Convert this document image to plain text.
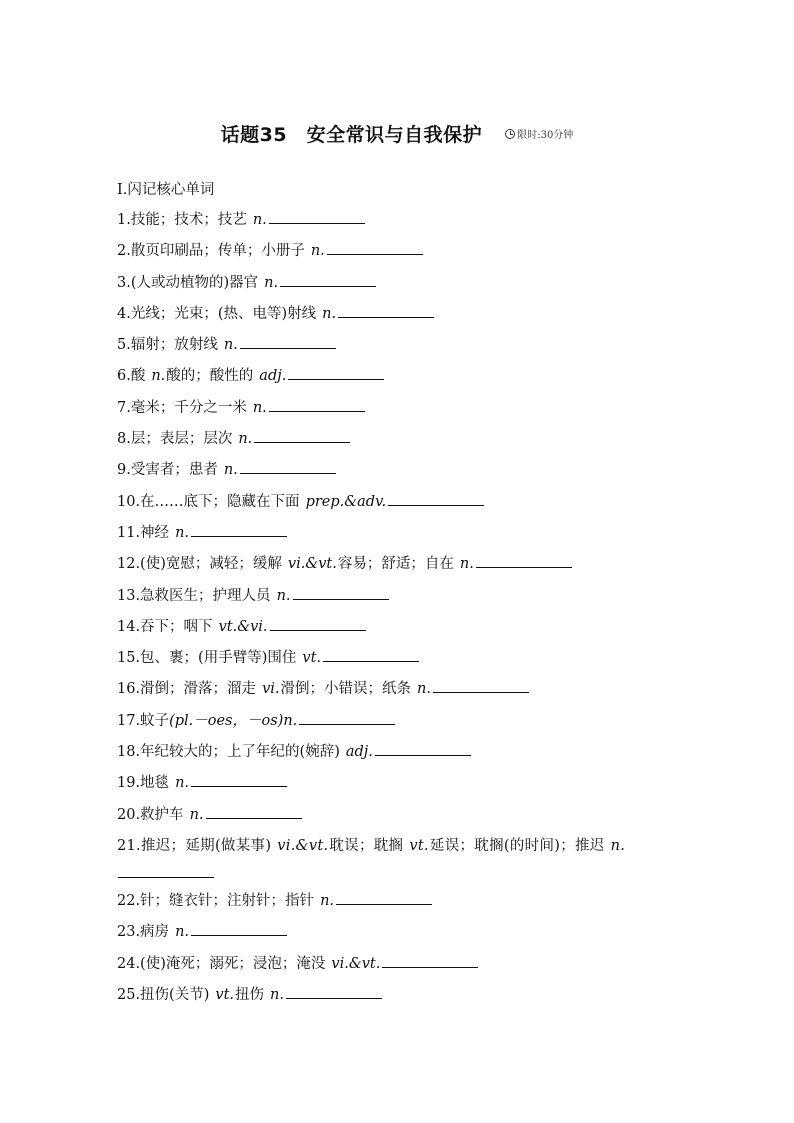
话题35　安全常识与自我保护	限时:30分钟
Ⅰ.闪记核心单词
1.技能；技术；技艺 n.
2.散页印刷品；传单；小册子 n.
3.(人或动植物的)器官 n.
4.光线；光束；(热、电等)射线 n.
5.辐射；放射线 n.
6.酸 n.酸的；酸性的 adj.
7.毫米；千分之一米 n.
8.层；表层；层次 n.
9.受害者；患者 n.
10.在……底下；隐藏在下面 prep.&adv.
11.神经 n.
12.(使)宽慰；减轻；缓解 vi.&vt.容易；舒适；自在 n.
13.急救医生；护理人员 n.
14.吞下；咽下 vt.&vi.
15.包、裹；(用手臂等)围住 vt.
16.滑倒；滑落；溜走 vi.滑倒；小错误；纸条 n.
17.蚊子(pl.－oes，－os)n.
18.年纪较大的；上了年纪的(婉辞) adj.
19.地毯 n.
20.救护车 n.
21.推迟；延期(做某事) vi.&vt.耽误；耽搁 vt.延误；耽搁(的时间)；推迟 n.
22.针；缝衣针；注射针；指针 n.
23.病房 n.
24.(使)淹死；溺死；浸泡；淹没 vi.&vt.
25.扭伤(关节) vt.扭伤 n.
